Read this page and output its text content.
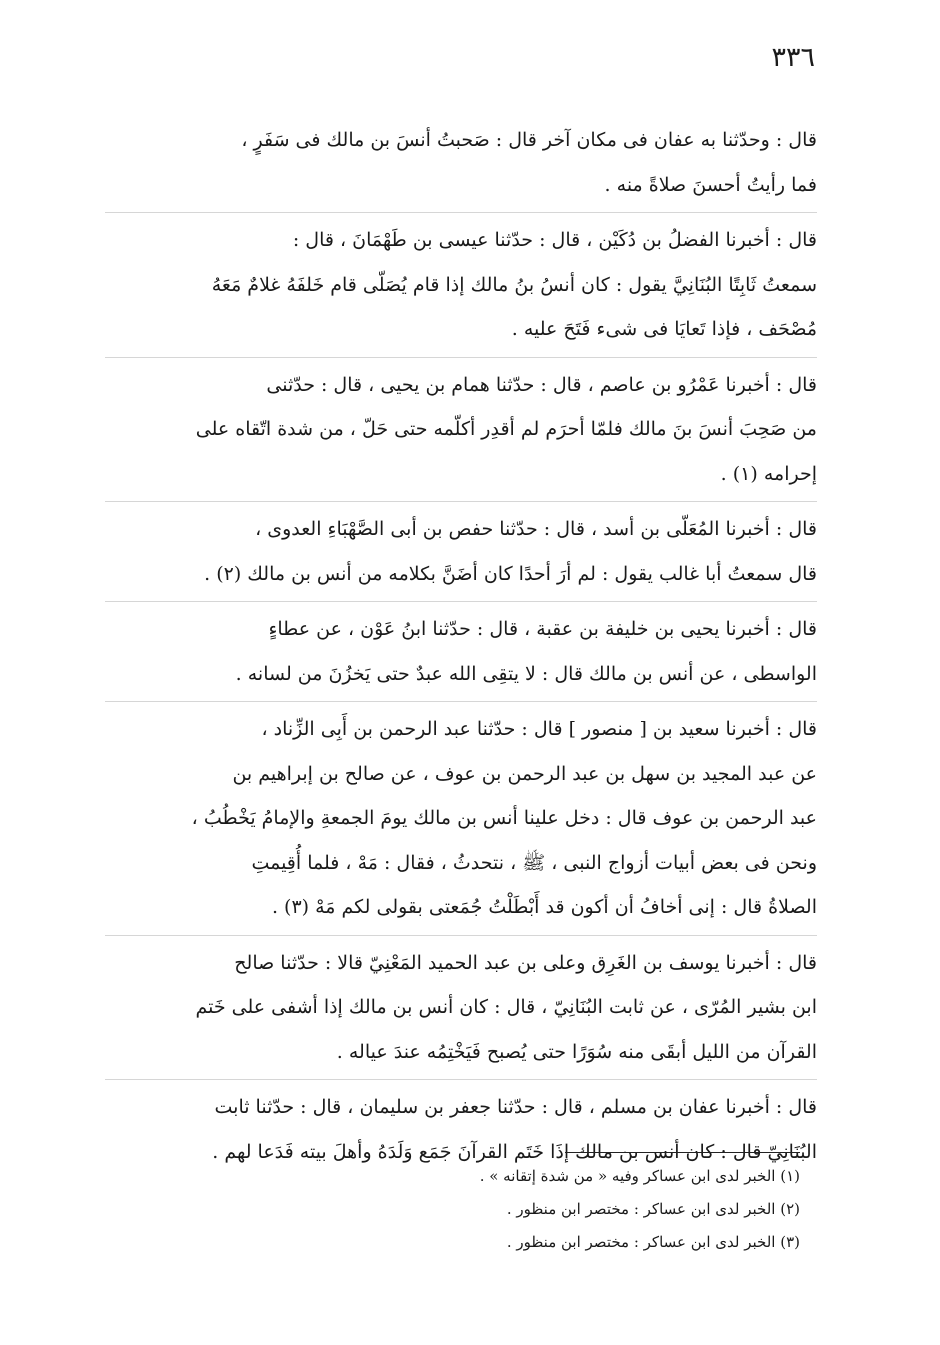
٣٣٦
قال : وحدّثنا به عفان فى مكان آخر قال : صَحبتُ أنسَ بن مالك فى سَفَرٍ ،
فما رأيتُ أحسنَ صلاةً منه .
قال : أخبرنا الفضلُ بن دُكَيْن ، قال : حدّثنا عيسى بن طَهْمَانَ ، قال :
سمعتُ ثَابِتًا البُنَانِيَّ يقول : كان أنسُ بنُ مالك إذا قام يُصَلّى قام خَلفَهُ غلامٌ مَعَهُ
مُصْحَف ، فإذا تَعايَا فى شىء فَتَحَ عليه .
قال : أخبرنا عَمْرُو بن عاصم ، قال : حدّثنا همام بن يحيى ، قال : حدّثنى
من صَحِبَ أنسَ بنَ مالك فلمّا أحرَم لم أقدِر أكلّمه حتى حَلّ ، من شدة اتّقاه على
إحرامه (١) .
قال : أخبرنا المُعَلّى بن أسد ، قال : حدّثنا حفص بن أبى الصَّهْبَاءِ العدوى ،
قال سمعتُ أبا غالب يقول : لم أرَ أحدًا كان أضَنَّ بكلامه من أنس بن مالك (٢) .
قال : أخبرنا يحيى بن خليفة بن عقبة ، قال : حدّثنا ابنُ عَوْن ، عن عطاءٍ
الواسطى ، عن أنس بن مالك قال : لا يتقِى الله عبدٌ حتى يَخزُنَ من لسانه .
قال : أخبرنا سعيد بن [ منصور ] قال : حدّثنا عبد الرحمن بن أَبِى الزِّناد ،
عن عبد المجيد بن سهل بن عبد الرحمن بن عوف ، عن صالح بن إبراهيم بن
عبد الرحمن بن عوف قال : دخل علينا أنس بن مالك يومَ الجمعةِ والإمامُ يَخْطُبُ ،
ونحن فى بعض أبيات أزواج النبى ، ﷺ ، نتحدثُ ، فقال : مَهْ ، فلما أُقِيمتِ
الصلاةُ قال : إنى أخافُ أن أكون قد أَبْطَلْتُ جُمَعتى بقولى لكم مَهْ (٣) .
قال : أخبرنا يوسف بن الغَرِق وعلى بن عبد الحميد المَعْنِيّ قالا : حدّثنا صالح
ابن بشير المُرّى ، عن ثابت البُنَانِيّ ، قال : كان أنس بن مالك إذا أشفى على خَتم
القرآن من الليل أبقَى منه سُوَرًا حتى يُصبح فَيَخْتِمُه عندَ عياله .
قال : أخبرنا عفان بن مسلم ، قال : حدّثنا جعفر بن سليمان ، قال : حدّثنا ثابت
البُنَانِيّ قال : كان أنس بن مالك إذَا خَتَم القرآنَ جَمَع وَلَدَهُ وأهلَ بيته فَدَعا لهم .
(١) الخبر لدى ابن عساكر وفيه « من شدة إتقانه » .
(٢) الخبر لدى ابن عساكر : مختصر ابن منظور .
(٣) الخبر لدى ابن عساكر : مختصر ابن منظور .
